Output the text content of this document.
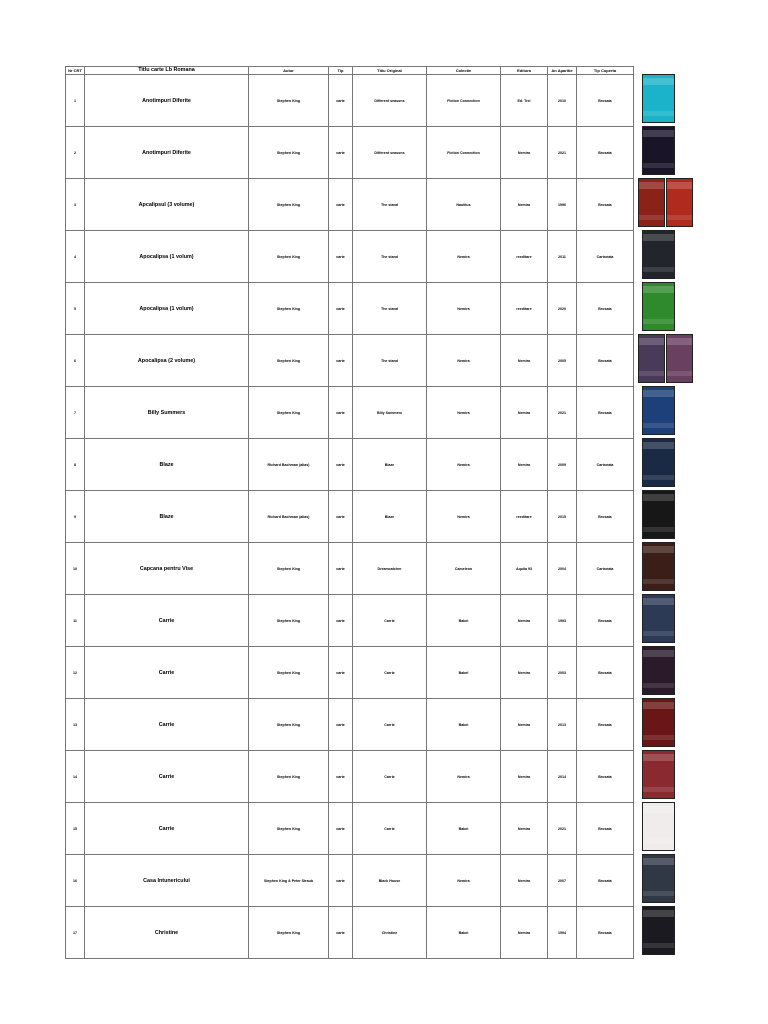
Nr CRT	Titlu carte Lb Romana	Autor	Tip	Titlu Original	Colectie	Editura	An Aparitie	Tip Coperta
1	Anotimpuri Diferite	Stephen King	carte	Different seasons	Fiction Connection	Ed. Trei	2010	Brosata
2	Anotimpuri Diferite	Stephen King	carte	Different seasons	Fiction Connection	Nemira	2021	Brosata
3	Apcalipsul (3 volume)	Stephen King	carte	The stand	Nautilus	Nemira	1996	Brosata
4	Apocalipsa (1 volum)	Stephen King	carte	The stand	Nemira	reeditare	2011	Cartonata
5	Apocalipsa (1 volum)	Stephen King	carte	The stand	Nemira	reeditare	2020	Brosata
6	Apocalipsa (2 volume)	Stephen King	carte	The stand	Nemira	Nemira	2005	Brosata
7	Billy Summers	Stephen King	carte	Billy Summers	Nemira	Nemira	2021	Brosata
8	Blaze	Richard Bachman (alias)	carte	Blaze	Nemira	Nemira	2009	Cartonata
9	Blaze	Richard Bachman (alias)	carte	Blaze	Nemira	reeditare	2015	Brosata
10	Capcana pentru Vise	Stephen King	carte	Dreamcatcher	Cameleon	Aquila 93	2004	Cartonata
11	Carrie	Stephen King	carte	Carrie	Babel	Nemira	1993	Brosata
12	Carrie	Stephen King	carte	Carrie	Babel	Nemira	2003	Brosata
13	Carrie	Stephen King	carte	Carrie	Babel	Nemira	2013	Brosata
14	Carrie	Stephen King	carte	Carrie	Nemira	Nemira	2014	Brosata
15	Carrie	Stephen King	carte	Carrie	Babel	Nemira	2021	Brosata
16	Casa Intunericului	Stephen King & Peter Straub	carte	Black House	Nemira	Nemira	2007	Brosata
17	Christine	Stephen King	carte	Christine	Babel	Nemira	1994	Brosata
